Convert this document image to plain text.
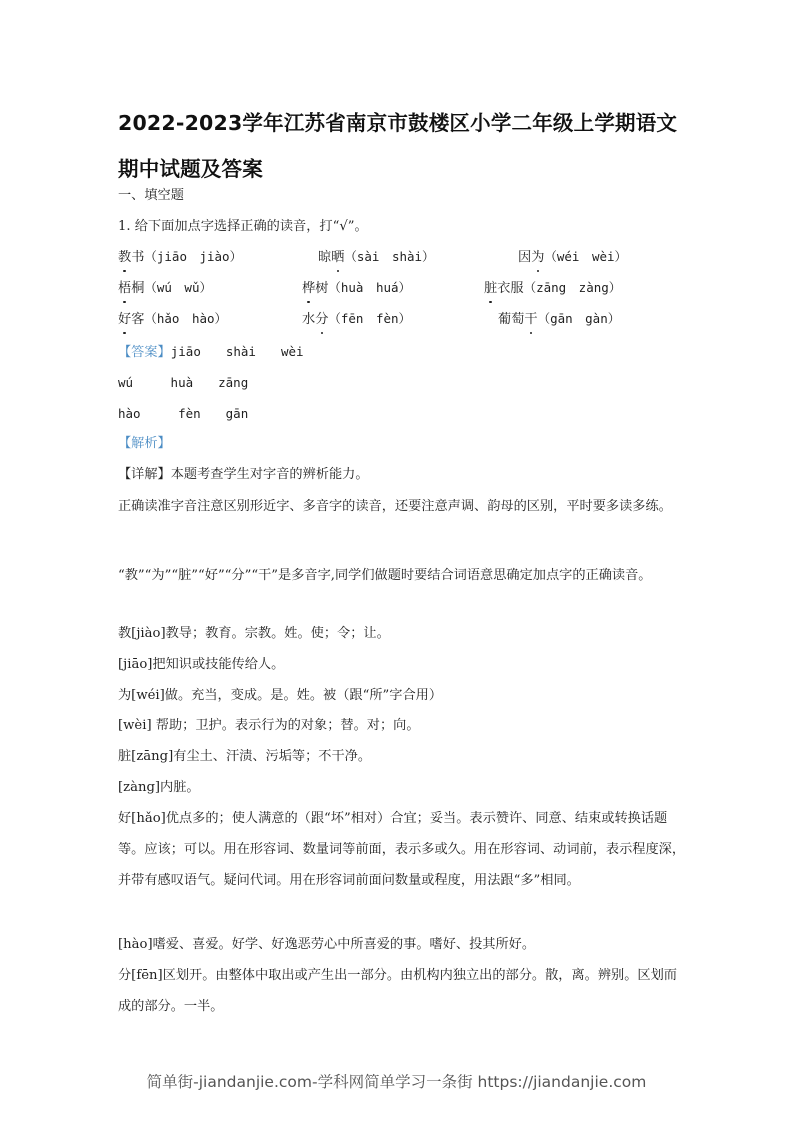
2022-2023学年江苏省南京市鼓楼区小学二年级上学期语文
期中试题及答案
一、填空题
1. 给下面加点字选择正确的读音，打“√”。
教书（jiāo　jiào）	晾晒（sài　shài）	因为（wéi　wèi）
梧桐（wú　wǔ）	桦树（huà　huá）	脏衣服（zāng　zàng）
好客（hǎo　hào）	水分（fēn　fèn）	葡萄干（gān　gàn）
【答案】jiāo　　shài　　wèi
wú　　　huà　　zāng
hào　　　fèn　　gān
【解析】
【详解】本题考查学生对字音的辨析能力。
正确读准字音注意区别形近字、多音字的读音，还要注意声调、韵母的区别，平时要多读多练。
“教”“为”“脏”“好”“分”“干”是多音字,同学们做题时要结合词语意思确定加点字的正确读音。
教[jiào]教导；教育。宗教。姓。使；令；让。
[jiāo]把知识或技能传给人。
为[wéi]做。充当，变成。是。姓。被（跟“所”字合用）
[wèi] 帮助；卫护。表示行为的对象；替。对；向。
脏[zāng]有尘土、汗渍、污垢等；不干净。
[zàng]内脏。
好[hǎo]优点多的；使人满意的（跟“坏”相对）合宜；妥当。表示赞许、同意、结束或转换话题等。应该；可以。用在形容词、数量词等前面，表示多或久。用在形容词、动词前，表示程度深，并带有感叹语气。疑问代词。用在形容词前面问数量或程度，用法跟“多”相同。
[hào]嗜爱、喜爱。好学、好逸恶劳心中所喜爱的事。嗜好、投其所好。
分[fēn]区划开。由整体中取出或产生出一部分。由机构内独立出的部分。散，离。辨别。区划而成的部分。一半。
简单街-jiandanjie.com-学科网简单学习一条街 https://jiandanjie.com
